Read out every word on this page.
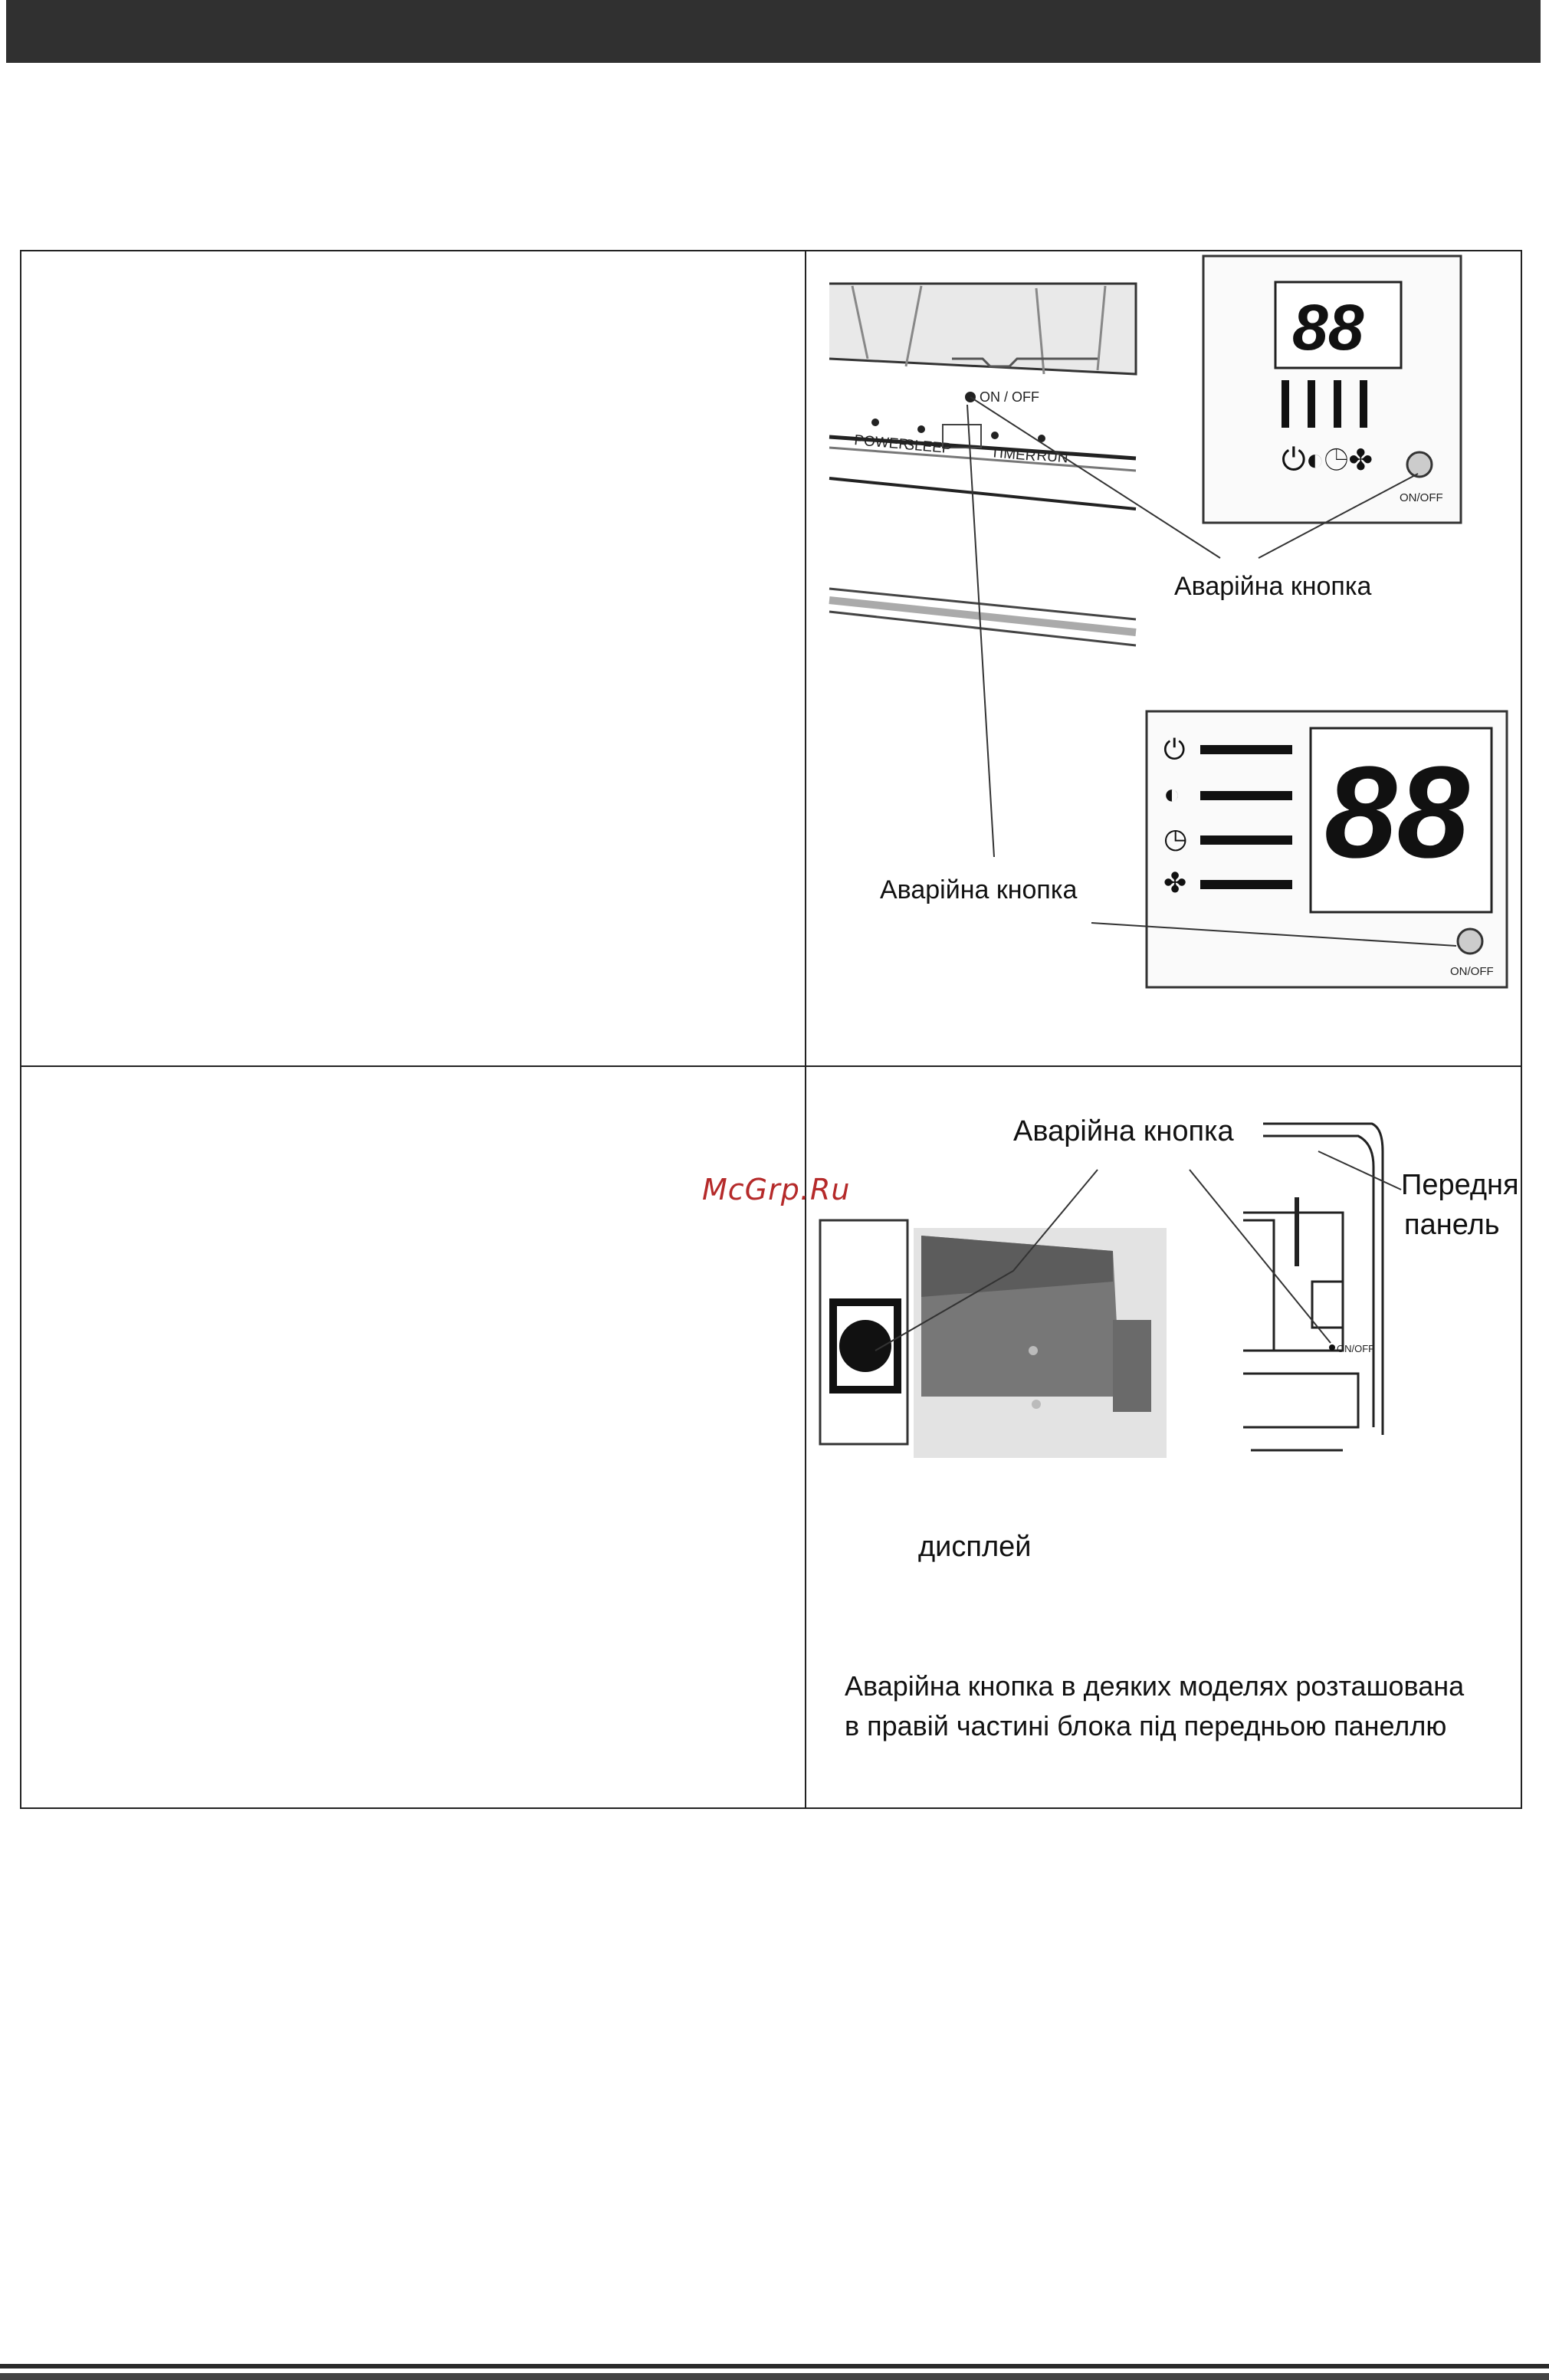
POWER
SLEEP	TIMER RUN
ON / OFF
⏻◐◷✤
88
ON/OFF
Аварійна кнопка
⏻
◐
◷
✤ 88
ON/OFF
Аварійна кнопка
Аварійна кнопка
ON/OFF
Передня
панель
дисплей
Аварійна кнопка в деяких моделях розташована
в правій частині блока під передньою панеллю
McGrp.Ru
